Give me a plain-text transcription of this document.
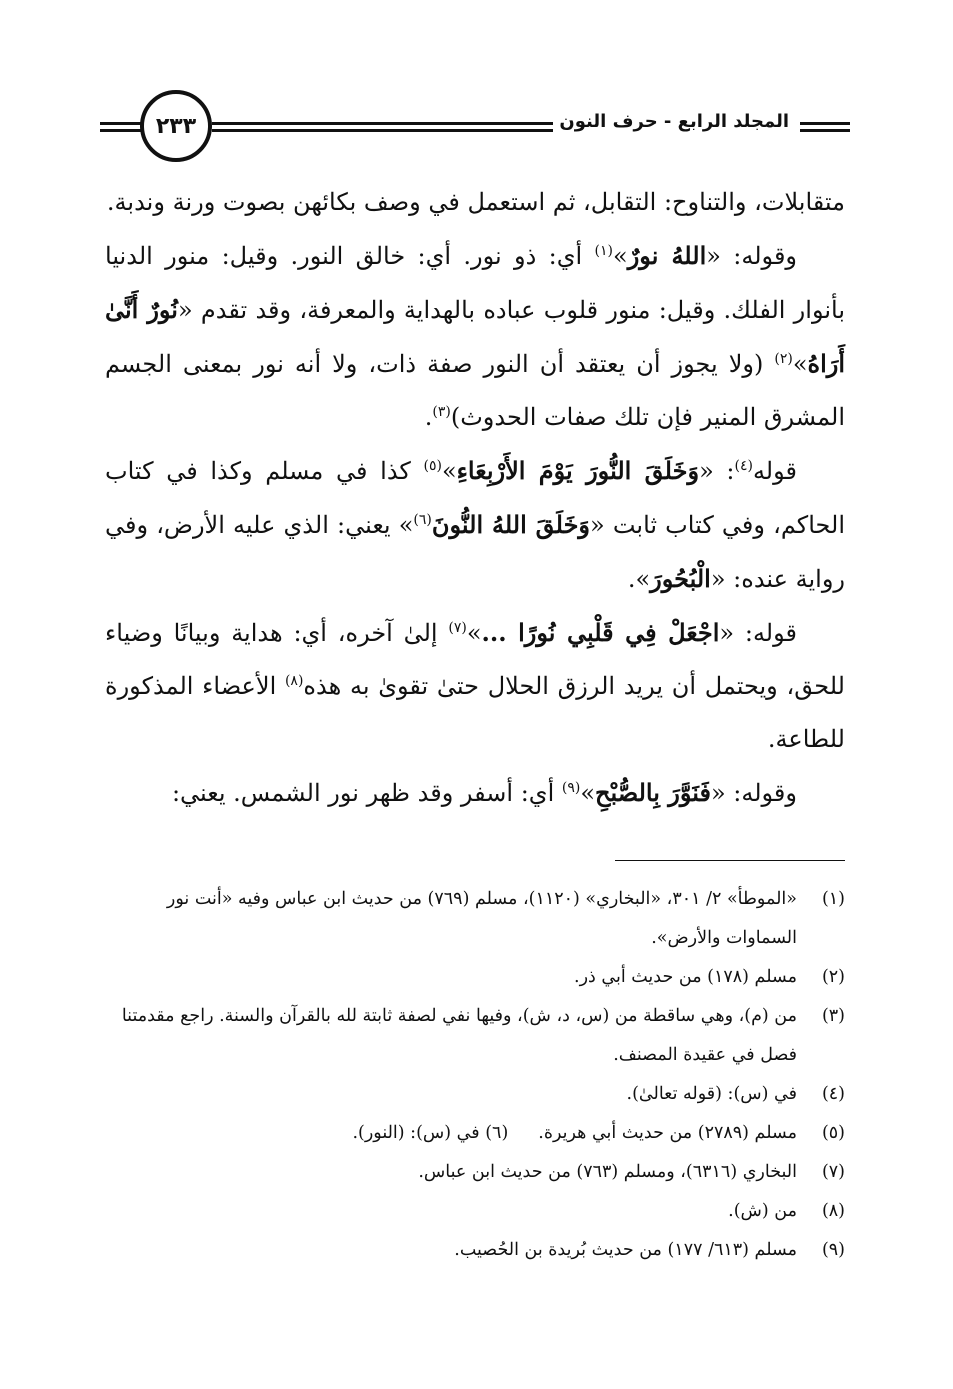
٢٣٣	المجلد الرابع - حرف النون

متقابلات، والتناوح: التقابل، ثم استعمل في وصف بكائهن بصوت ورنة وندبة.

وقوله: «اللهُ نورٌ»$^{(١)}$ أي: ذو نور. أي: خالق النور. وقيل: منور الدنيا بأنوار الفلك. وقيل: منور قلوب عباده بالهداية والمعرفة، وقد تقدم «نُورٌ أَنَّىٰ أَرَاهُ»$^{(٢)}$ (ولا يجوز أن يعتقد أن النور صفة ذات، ولا أنه نور بمعنى الجسم المشرق المنير فإن تلك صفات الحدوث)$^{(٣)}$.

قوله$^{(٤)}$: «وَخَلَقَ النُّورَ يَوْمَ الأَرْبِعَاءِ»$^{(٥)}$ كذا في مسلم وكذا في كتاب الحاكم، وفي كتاب ثابت «وَخَلَقَ اللهُ النُّونَ$^{(٦)}$» يعني: الذي عليه الأرض، وفي رواية عنده: «الْبُحُورَ».

قوله: «اجْعَلْ فِي قَلْبِي نُورًا ...»$^{(٧)}$ إلىٰ آخره، أي: هداية وبيانًا وضياء للحق، ويحتمل أن يريد الرزق الحلال حتىٰ تقوىٰ به هذه$^{(٨)}$ الأعضاء المذكورة للطاعة.

وقوله: «فَنَوَّرَ بِالصُّبْحِ»$^{(٩)}$ أي: أسفر وقد ظهر نور الشمس. يعني:

(١)
«الموطأ» ٢/ ٣٠١، «البخاري» (١١٢٠)، مسلم (٧٦٩) من حديث ابن عباس وفيه «أنت نور السماوات والأرض».
(٢)
مسلم (١٧٨) من حديث أبي ذر.
(٣)
من (م)، وهي ساقطة من (س، د، ش)، وفيها نفي لصفة ثابتة لله بالقرآن والسنة. راجع مقدمتنا فصل في عقيدة المصنف.
(٤)
في (س): (قوله تعالىٰ).
(٥)
مسلم (٢٧٨٩) من حديث أبي هريرة.(٦) في (س): (النور).
(٧)
البخاري (٦٣١٦)، ومسلم (٧٦٣) من حديث ابن عباس.
(٨)
من (ش).
(٩)
مسلم (٦١٣/ ١٧٧) من حديث بُريدة بن الحُصيب.
